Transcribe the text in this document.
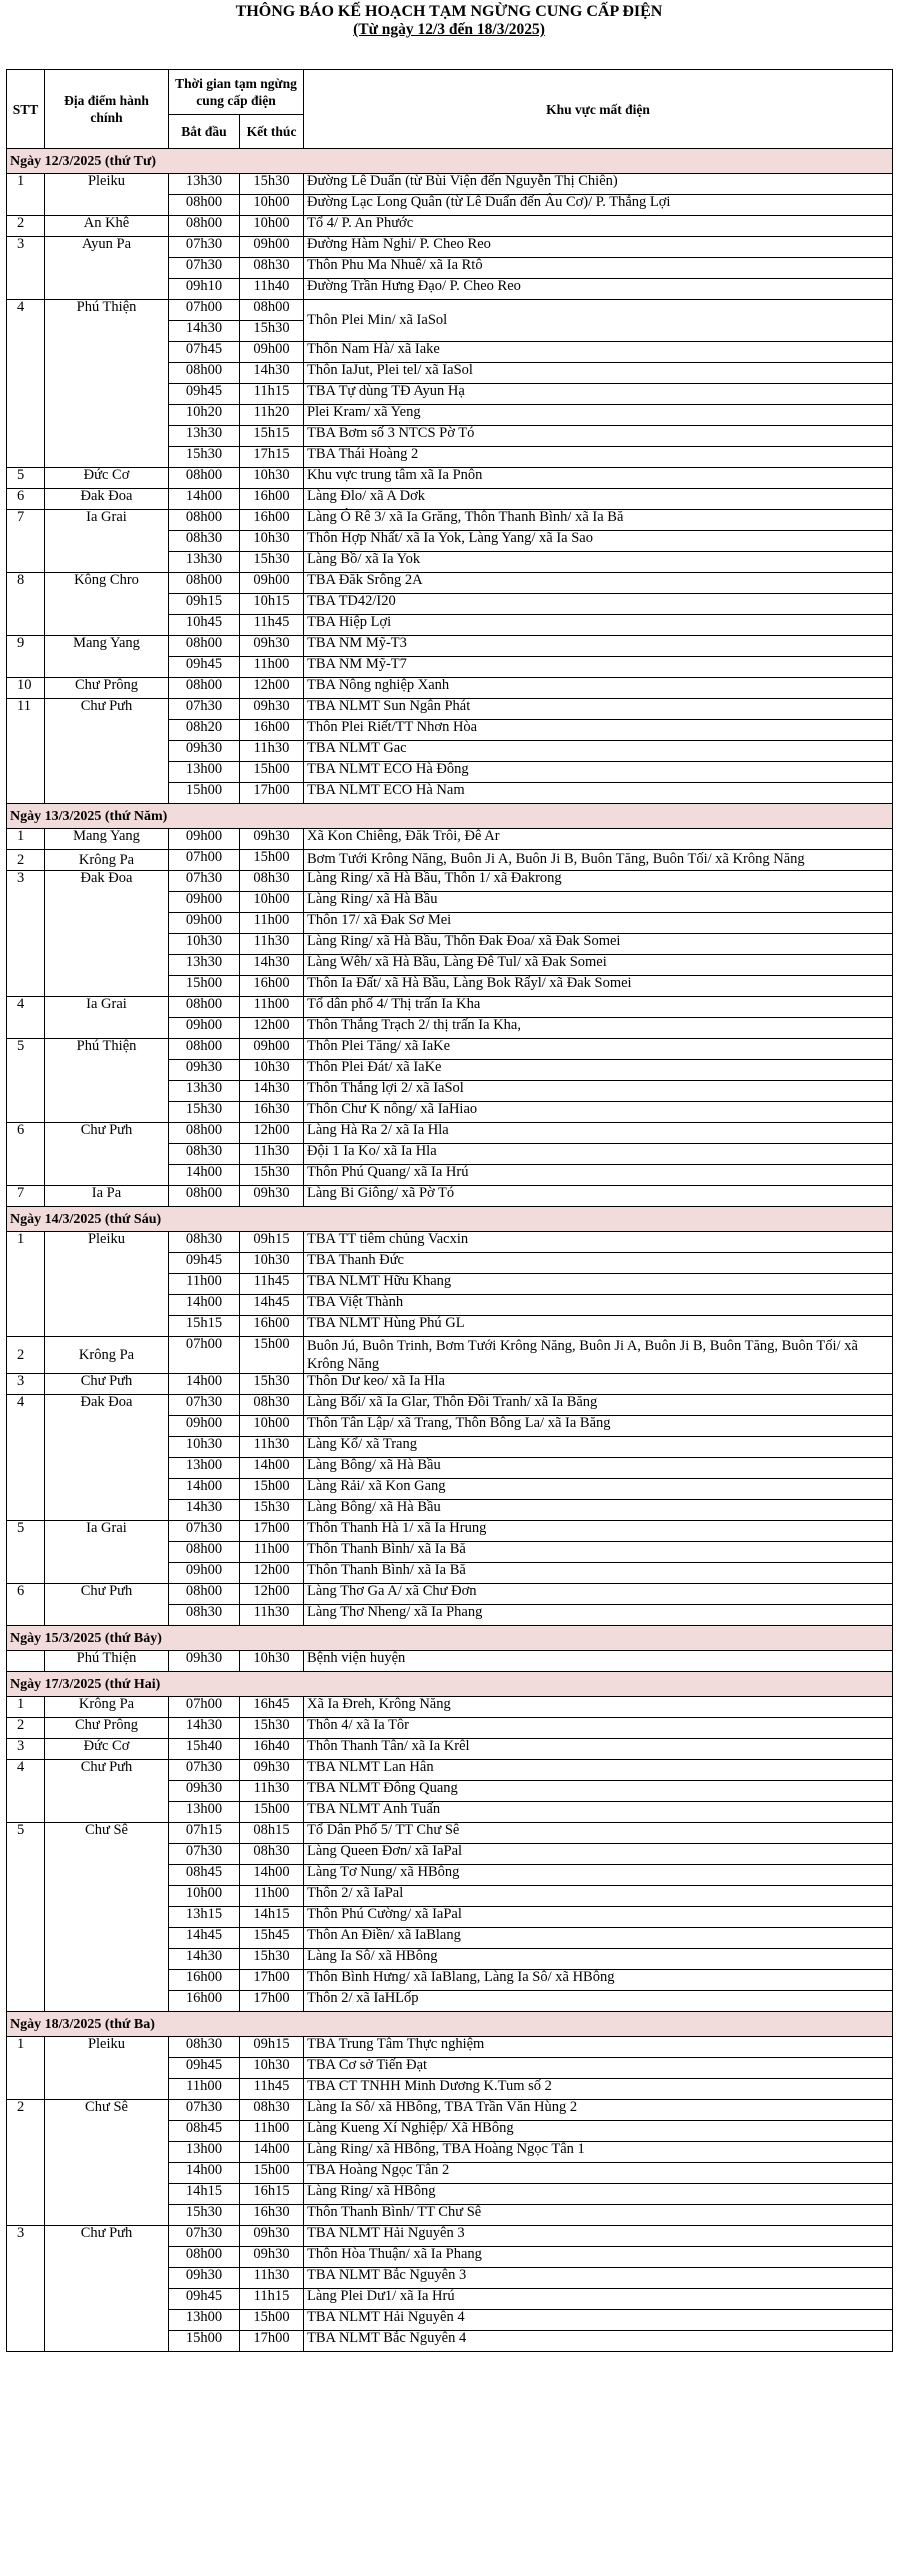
THÔNG BÁO KẾ HOẠCH TẠM NGỪNG CUNG CẤP ĐIỆN
(Từ ngày 12/3 đến 18/3/2025)
STT	Địa điểm hành chính	Thời gian tạm ngừng cung cấp điện		Khu vực mất điện
		Bắt đầu	Kết thúc	
Ngày 12/3/2025 (thứ Tư)				
1	Pleiku	13h30	15h30	Đường Lê Duẩn (từ Bùi Viện đến Nguyễn Thị Chiên)
		08h00	10h00	Đường Lạc Long Quân (từ Lê Duẩn đến Âu Cơ)/ P. Thắng Lợi
2	An Khê	08h00	10h00	Tổ 4/ P. An Phước
3	Ayun Pa	07h30	09h00	Đường Hàm Nghi/ P. Cheo Reo
		07h30	08h30	Thôn Phu Ma Nhuê/ xã Ia Rtô
		09h10	11h40	Đường Trần Hưng Đạo/ P. Cheo Reo
4	Phú Thiện	07h00	08h00	Thôn Plei Min/ xã IaSol
		14h30	15h30	
		07h45	09h00	Thôn Nam Hà/ xã Iake
		08h00	14h30	Thôn IaJut, Plei tel/ xã IaSol
		09h45	11h15	TBA Tự dùng TĐ Ayun Hạ
		10h20	11h20	Plei Kram/ xã Yeng
		13h30	15h15	TBA Bơm số 3 NTCS Pờ Tó
		15h30	17h15	TBA Thái Hoàng 2
5	Đức Cơ	08h00	10h30	Khu vực trung tâm xã Ia Pnôn
6	Đak Đoa	14h00	16h00	Làng Đlo/ xã A Dơk
7	Ia Grai	08h00	16h00	Làng Ó Rê 3/ xã Ia Grăng, Thôn Thanh Bình/ xã Ia Bă
		08h30	10h30	Thôn Hợp Nhất/ xã Ia Yok, Làng Yang/ xã Ia Sao
		13h30	15h30	Làng Bồ/ xã Ia Yok
8	Kông Chro	08h00	09h00	TBA Đăk Srông 2A
		09h15	10h15	TBA TD42/I20
		10h45	11h45	TBA Hiệp Lợi
9	Mang Yang	08h00	09h30	TBA NM Mỹ-T3
		09h45	11h00	TBA NM Mỹ-T7
10	Chư Prông	08h00	12h00	TBA Nông nghiệp Xanh
11	Chư Pưh	07h30	09h30	TBA NLMT Sun Ngân Phát
		08h20	16h00	Thôn Plei Riết/TT Nhơn Hòa
		09h30	11h30	TBA NLMT Gac
		13h00	15h00	TBA NLMT ECO Hà Đông
		15h00	17h00	TBA NLMT ECO Hà Nam
Ngày 13/3/2025 (thứ Năm)				
1	Mang Yang	09h00	09h30	Xã Kon Chiêng, Đăk Trôi, Đê Ar
2	Krông Pa	07h00	15h00	Bơm Tưới Krông Năng, Buôn Ji A, Buôn Ji B, Buôn Tăng, Buôn Tối/ xã Krông Năng
3	Đak Đoa	07h30	08h30	Làng Ring/ xã Hà Bầu, Thôn 1/ xã Đakrong
		09h00	10h00	Làng Ring/ xã Hà Bầu
		09h00	11h00	Thôn 17/ xã Đak Sơ Mei
		10h30	11h30	Làng Ring/ xã Hà Bầu, Thôn Đak Đoa/ xã Đak Somei
		13h30	14h30	Làng Wêh/ xã Hà Bầu, Làng Đê Tul/ xã Đak Somei
		15h00	16h00	Thôn Ia Đất/ xã Hà Bầu, Làng Bok Rẩyl/ xã Đak Somei
4	Ia Grai	08h00	11h00	Tổ dân phố 4/ Thị trấn Ia Kha
		09h00	12h00	Thôn Thắng Trạch 2/ thị trấn Ia Kha,
5	Phú Thiện	08h00	09h00	Thôn Plei Tăng/ xã IaKe
		09h30	10h30	Thôn Plei Đát/ xã IaKe
		13h30	14h30	Thôn Thắng lợi 2/ xã IaSol
		15h30	16h30	Thôn Chư K nông/ xã IaHiao
6	Chư Pưh	08h00	12h00	Làng Hà Ra 2/ xã Ia Hla
		08h30	11h30	Đội 1 Ia Ko/ xã Ia Hla
		14h00	15h30	Thôn Phú Quang/ xã Ia Hrú
7	Ia Pa	08h00	09h30	Làng Bi Giông/ xã Pờ Tó
Ngày 14/3/2025 (thứ Sáu)				
1	Pleiku	08h30	09h15	TBA TT tiêm chủng Vacxin
		09h45	10h30	TBA Thanh Đức
		11h00	11h45	TBA NLMT Hữu Khang
		14h00	14h45	TBA Việt Thành
		15h15	16h00	TBA NLMT Hùng Phú GL
2	Krông Pa	07h00	15h00	Buôn Jú, Buôn Trinh, Bơm Tưới Krông Năng, Buôn Ji A, Buôn Ji B, Buôn Tăng, Buôn Tối/ xã Krông Năng
3	Chư Pưh	14h00	15h30	Thôn Dư keo/ xã Ia Hla
4	Đak Đoa	07h30	08h30	Làng Bối/ xã Ia Glar, Thôn Đồi Tranh/ xã Ia Băng
		09h00	10h00	Thôn Tân Lập/ xã Trang, Thôn Bông La/ xã Ia Băng
		10h30	11h30	Làng Kổ/ xã Trang
		13h00	14h00	Làng Bông/ xã Hà Bầu
		14h00	15h00	Làng Rải/ xã Kon Gang
		14h30	15h30	Làng Bông/ xã Hà Bầu
5	Ia Grai	07h30	17h00	Thôn Thanh Hà 1/ xã Ia Hrung
		08h00	11h00	Thôn Thanh Bình/ xã Ia Bă
		09h00	12h00	Thôn Thanh Bình/ xã Ia Bă
6	Chư Pưh	08h00	12h00	Làng Thơ Ga A/ xã Chư Đơn
		08h30	11h30	Làng Thơ Nheng/ xã Ia Phang
Ngày 15/3/2025 (thứ Bảy)				
	Phú Thiện	09h30	10h30	Bệnh viện huyện
Ngày 17/3/2025 (thứ Hai)				
1	Krông Pa	07h00	16h45	Xã Ia Đreh, Krông Năng
2	Chư Prông	14h30	15h30	Thôn 4/ xã Ia Tôr
3	Đức Cơ	15h40	16h40	Thôn Thanh Tân/ xã Ia Krêl
4	Chư Pưh	07h30	09h30	TBA NLMT Lan Hân
		09h30	11h30	TBA NLMT Đông Quang
		13h00	15h00	TBA NLMT Anh Tuấn
5	Chư Sê	07h15	08h15	Tổ Dân Phố 5/ TT Chư Sê
		07h30	08h30	Làng Queen Đơn/ xã IaPal
		08h45	14h00	Làng Tơ Nung/ xã HBông
		10h00	11h00	Thôn 2/ xã IaPal
		13h15	14h15	Thôn Phú Cường/ xã IaPal
		14h45	15h45	Thôn An Điền/ xã IaBlang
		14h30	15h30	Làng Ia Sô/ xã HBông
		16h00	17h00	Thôn Bình Hưng/ xã IaBlang, Làng Ia Sô/ xã HBông
		16h00	17h00	Thôn 2/ xã IaHLốp
Ngày 18/3/2025 (thứ Ba)				
1	Pleiku	08h30	09h15	TBA Trung Tâm Thực nghiệm
		09h45	10h30	TBA Cơ sở Tiến Đạt
		11h00	11h45	TBA CT TNHH Minh Dương K.Tum số 2
2	Chư Sê	07h30	08h30	Làng Ia Sô/ xã HBông, TBA Trần Văn Hùng 2
		08h45	11h00	Làng Kueng Xí Nghiệp/ Xã HBông
		13h00	14h00	Làng Ring/ xã HBông, TBA Hoàng Ngọc Tân 1
		14h00	15h00	TBA Hoàng Ngọc Tân 2
		14h15	16h15	Làng Ring/ xã HBông
		15h30	16h30	Thôn Thanh Bình/ TT Chư Sê
3	Chư Pưh	07h30	09h30	TBA NLMT Hải Nguyên 3
		08h00	09h30	Thôn Hòa Thuận/ xã Ia Phang
		09h30	11h30	TBA NLMT Bắc Nguyên 3
		09h45	11h15	Làng Plei Dư1/ xã Ia Hrú
		13h00	15h00	TBA NLMT Hải Nguyên 4
		15h00	17h00	TBA NLMT Bắc Nguyên 4
